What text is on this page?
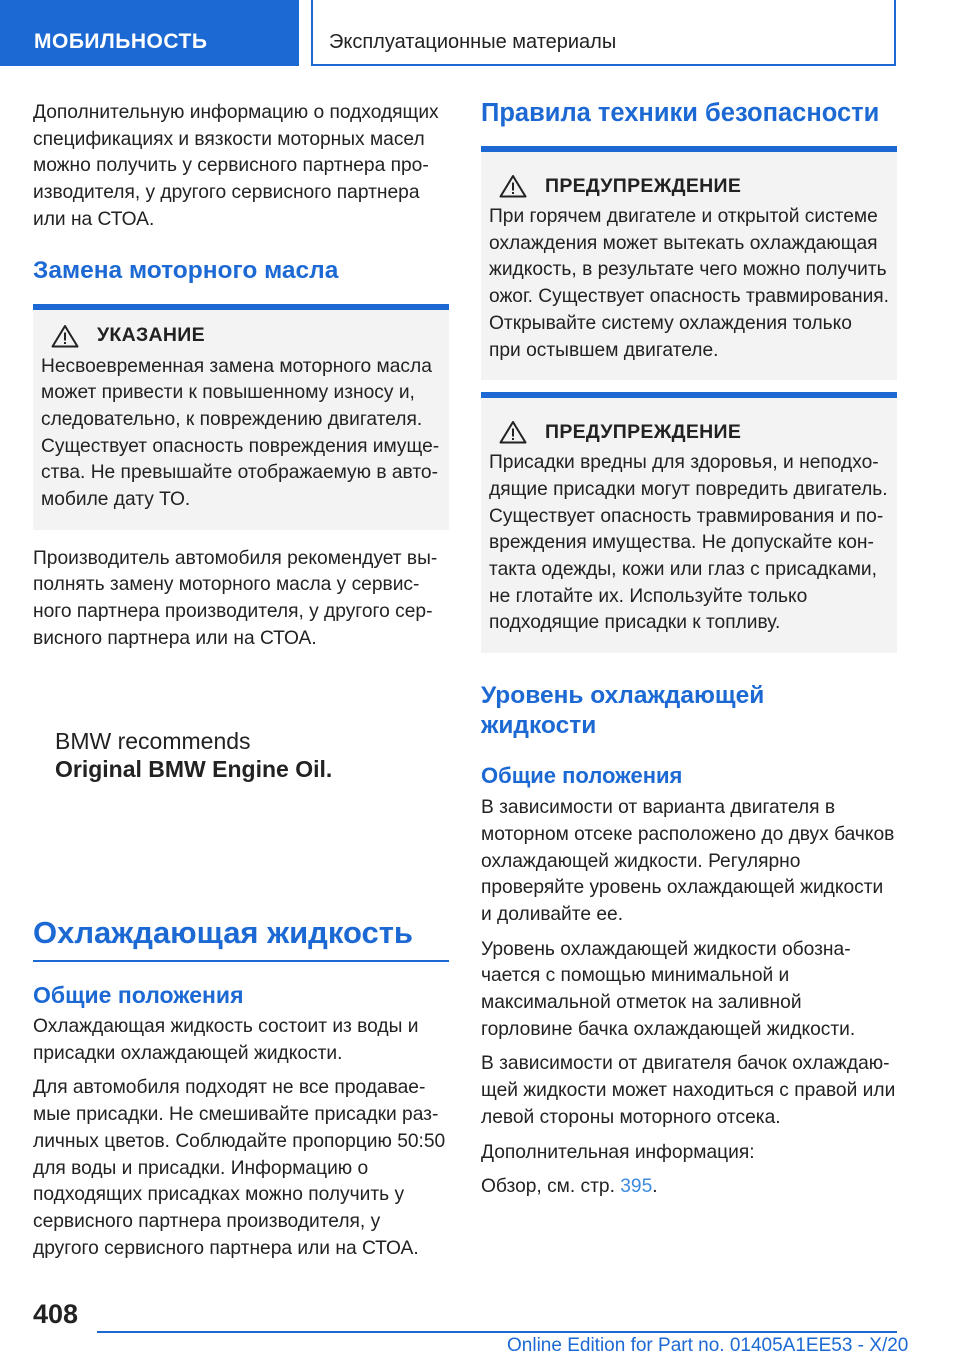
МОБИЛЬНОСТЬ	Эксплуатационные материалы

Дополнительную информацию о подходящих спецификациях и вязкости моторных масел можно получить у сервисного партнера производителя, у другого сервисного партнера или на СТОА.

Замена моторного масла
УКАЗАНИЕ

Несвоевременная замена моторного масла может привести к повышенному износу и, следовательно, к повреждению двигателя. Существует опасность повреждения имущества. Не превышайте отображаемую в автомобиле дату ТО.

Производитель автомобиля рекомендует выполнять замену моторного масла у сервисного партнера производителя, у другого сервисного партнера или на СТОА.

BMW recommends
Original BMW Engine Oil.
Охлаждающая жидкость
Общие положения

Охлаждающая жидкость состоит из воды и присадки охлаждающей жидкости.

Для автомобиля подходят не все продаваемые присадки. Не смешивайте присадки различных цветов. Соблюдайте пропорцию 50:50 для воды и присадки. Информацию о подходящих присадках можно получить у сервисного партнера производителя, у другого сервисного партнера или на СТОА.

Правила техники безопасности
ПРЕДУПРЕЖДЕНИЕ

При горячем двигателе и открытой системе охлаждения может вытекать охлаждающая жидкость, в результате чего можно получить ожог. Существует опасность травмирования. Открывайте систему охлаждения только при остывшем двигателе.

ПРЕДУПРЕЖДЕНИЕ

Присадки вредны для здоровья, и неподходящие присадки могут повредить двигатель. Существует опасность травмирования и повреждения имущества. Не допускайте контакта одежды, кожи или глаз с присадками, не глотайте их. Используйте только подходящие присадки к топливу.

Уровень охлаждающей жидкости
Общие положения

В зависимости от варианта двигателя в моторном отсеке расположено до двух бачков охлаждающей жидкости. Регулярно проверяйте уровень охлаждающей жидкости и доливайте ее.

Уровень охлаждающей жидкости обозначается с помощью минимальной и максимальной отметок на заливной горловине бачка охлаждающей жидкости.

В зависимости от двигателя бачок охлаждающей жидкости может находиться с правой или левой стороны моторного отсека.

Дополнительная информация:

Обзор, см. стр. 395.

408
Online Edition for Part no. 01405A1EE53 - X/20
